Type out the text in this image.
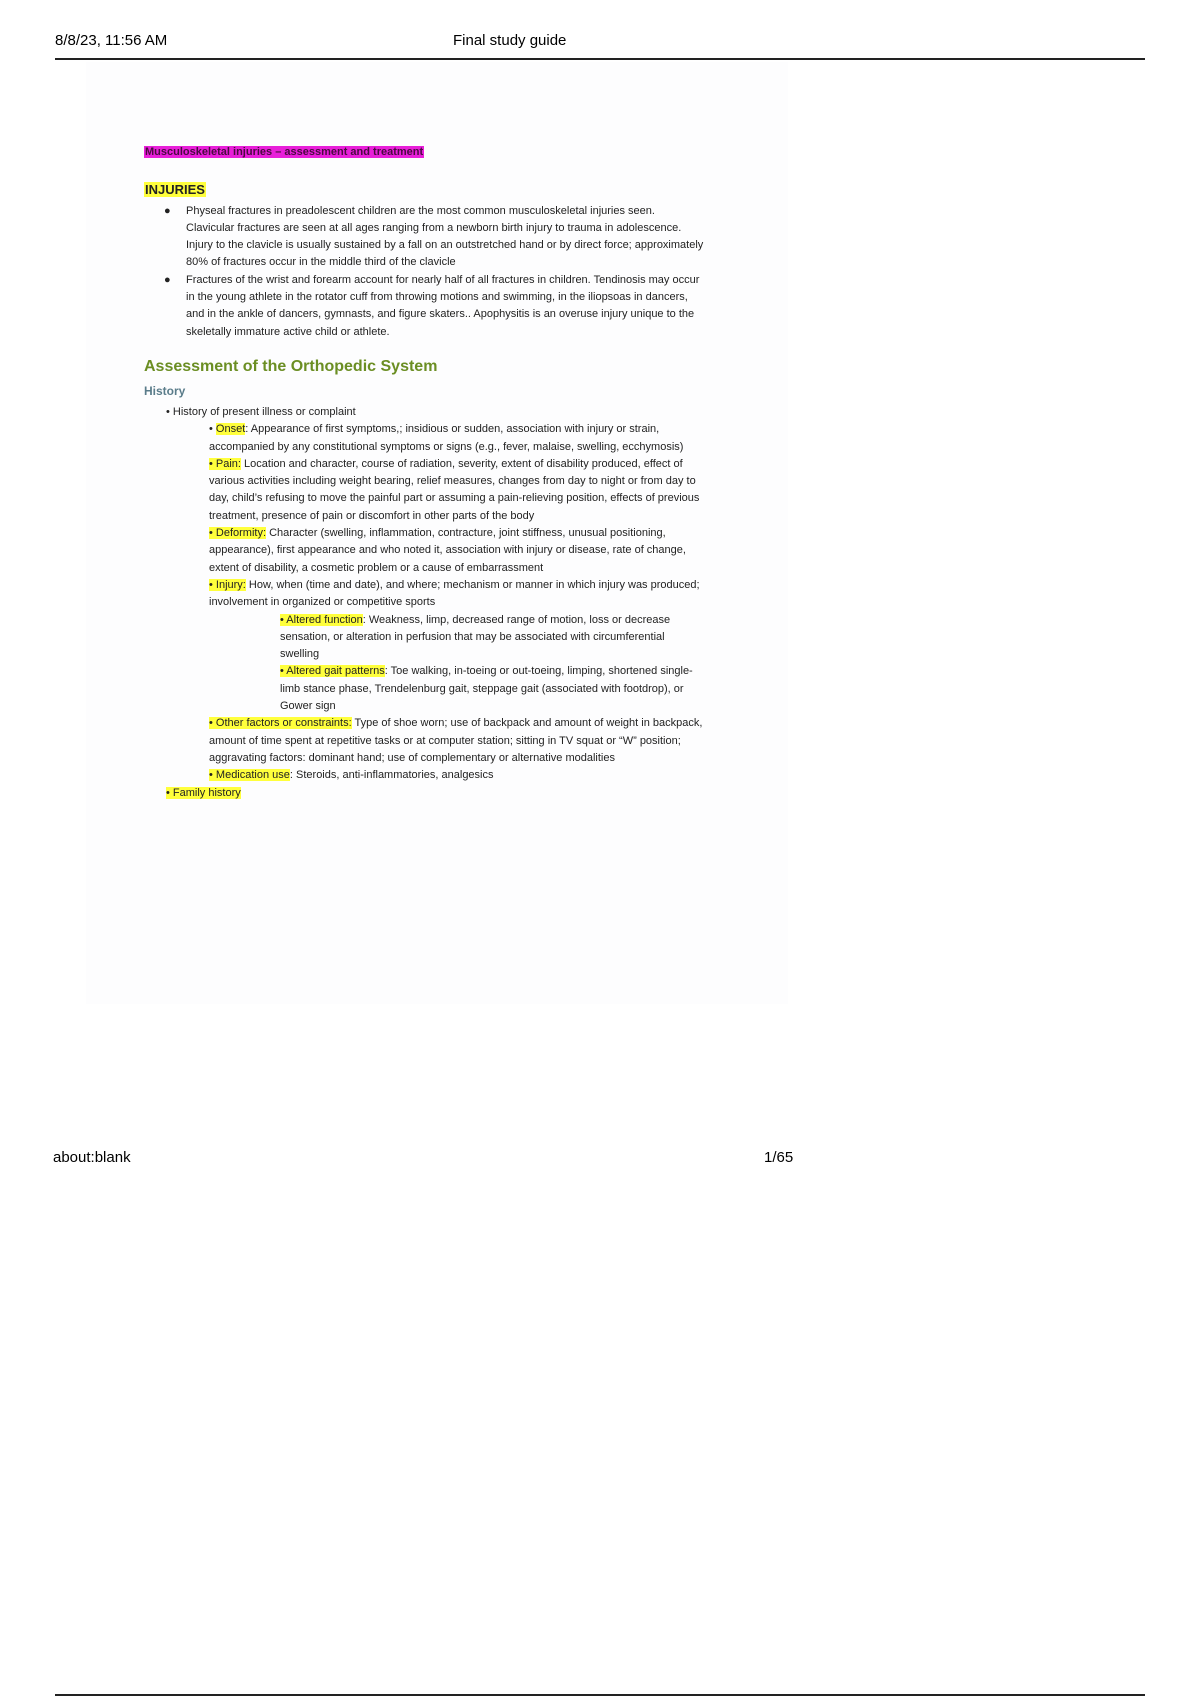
8/8/23, 11:56 AM	Final study guide
Musculoskeletal injuries – assessment and treatment
INJURIES
● Physeal fractures in preadolescent children are the most common musculoskeletal injuries seen. Clavicular fractures are seen at all ages ranging from a newborn birth injury to trauma in adolescence. Injury to the clavicle is usually sustained by a fall on an outstretched hand or by direct force; approximately 80% of fractures occur in the middle third of the clavicle
● Fractures of the wrist and forearm account for nearly half of all fractures in children. Tendinosis may occur in the young athlete in the rotator cuff from throwing motions and swimming, in the iliopsoas in dancers, and in the ankle of dancers, gymnasts, and figure skaters.. Apophysitis is an overuse injury unique to the skeletally immature active child or athlete.
Assessment of the Orthopedic System
History
• History of present illness or complaint
• Onset: Appearance of first symptoms,; insidious or sudden, association with injury or strain, accompanied by any constitutional symptoms or signs (e.g., fever, malaise, swelling, ecchymosis)
• Pain: Location and character, course of radiation, severity, extent of disability produced, effect of various activities including weight bearing, relief measures, changes from day to night or from day to day, child’s refusing to move the painful part or assuming a pain-relieving position, effects of previous treatment, presence of pain or discomfort in other parts of the body
• Deformity: Character (swelling, inflammation, contracture, joint stiffness, unusual positioning, appearance), first appearance and who noted it, association with injury or disease, rate of change, extent of disability, a cosmetic problem or a cause of embarrassment
• Injury: How, when (time and date), and where; mechanism or manner in which injury was produced; involvement in organized or competitive sports
• Altered function: Weakness, limp, decreased range of motion, loss or decrease sensation, or alteration in perfusion that may be associated with circumferential swelling
• Altered gait patterns: Toe walking, in-toeing or out-toeing, limping, shortened single-limb stance phase, Trendelenburg gait, steppage gait (associated with footdrop), or Gower sign
• Other factors or constraints: Type of shoe worn; use of backpack and amount of weight in backpack, amount of time spent at repetitive tasks or at computer station; sitting in TV squat or “W” position; aggravating factors: dominant hand; use of complementary or alternative modalities
• Medication use: Steroids, anti-inflammatories, analgesics
• Family history
about:blank	1/65
